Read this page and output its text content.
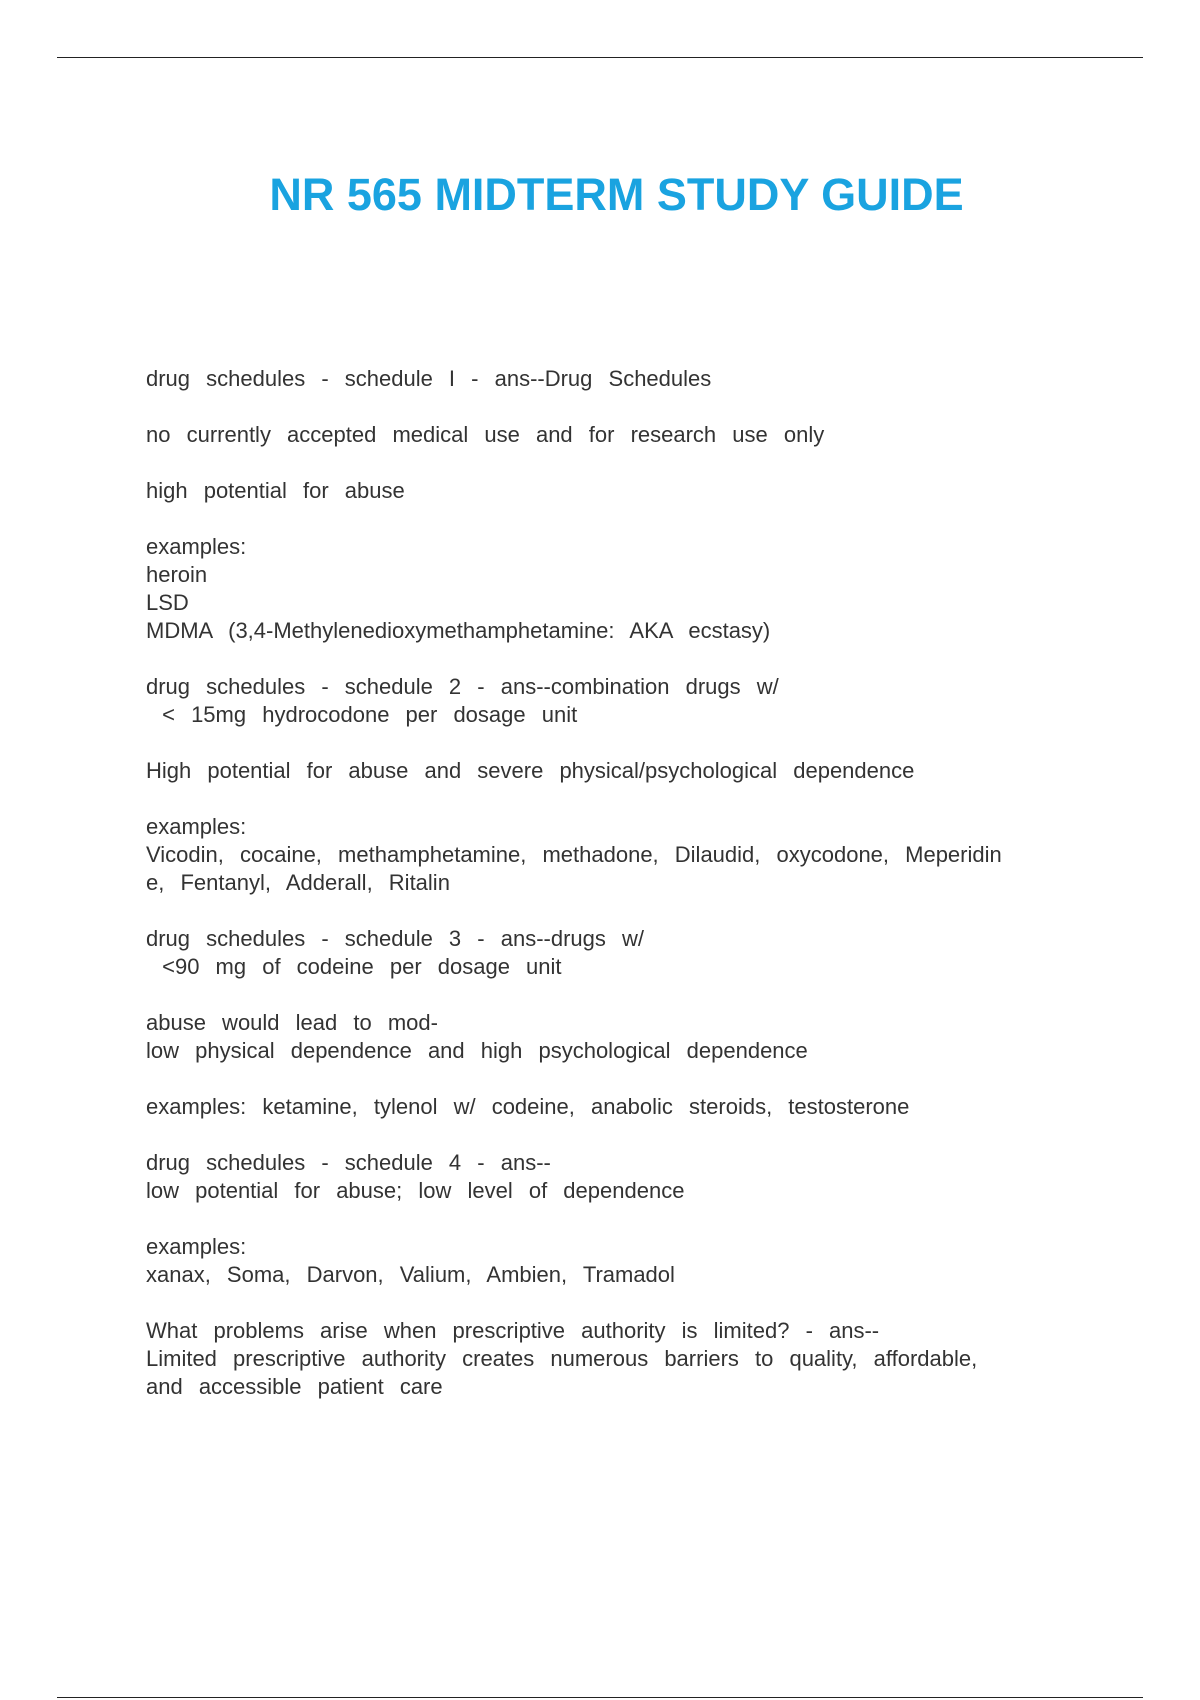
NR 565 MIDTERM STUDY GUIDE
drug schedules - schedule I - ans--Drug Schedules
no currently accepted medical use and for research use only
high potential for abuse
examples:
heroin
LSD
MDMA (3,4-Methylenedioxymethamphetamine: AKA ecstasy)
drug schedules - schedule 2 - ans--combination drugs w/
< 15mg hydrocodone per dosage unit
High potential for abuse and severe physical/psychological dependence
examples:
Vicodin, cocaine, methamphetamine, methadone, Dilaudid, oxycodone, Meperidin
e, Fentanyl, Adderall, Ritalin
drug schedules - schedule 3 - ans--drugs w/
<90 mg of codeine per dosage unit
abuse would lead to mod-
low physical dependence and high psychological dependence
examples: ketamine, tylenol w/ codeine, anabolic steroids, testosterone
drug schedules - schedule 4 - ans--
low potential for abuse; low level of dependence
examples:
xanax, Soma, Darvon, Valium, Ambien, Tramadol
What problems arise when prescriptive authority is limited? - ans--
Limited prescriptive authority creates numerous barriers to quality, affordable,
and accessible patient care
